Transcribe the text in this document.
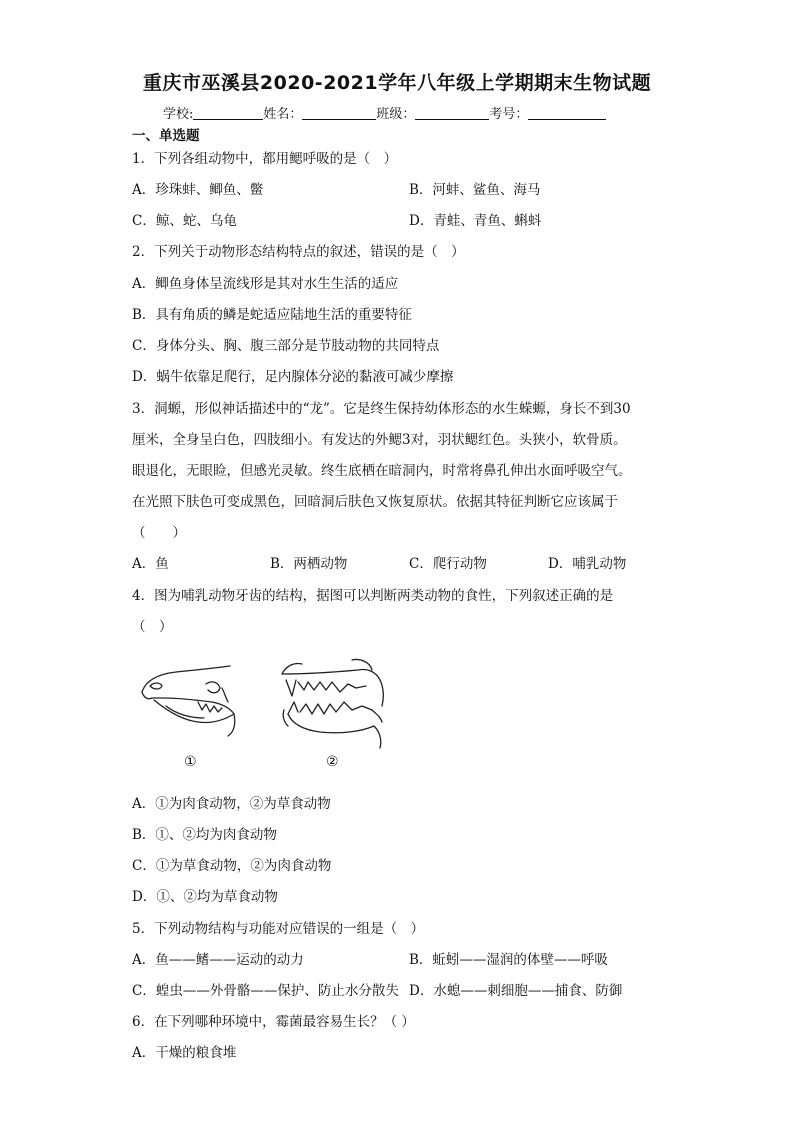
重庆市巫溪县2020-2021学年八年级上学期期末生物试题
学校:	姓名：	班级：	考号：
一、单选题
1．下列各组动物中，都用鳃呼吸的是（　）
A．珍珠蚌、鲫鱼、鳖	B．河蚌、鲨鱼、海马
C．鲸、蛇、乌龟	D．青蛙、青鱼、蝌蚪
2．下列关于动物形态结构特点的叙述，错误的是（　）
A．鲫鱼身体呈流线形是其对水生生活的适应
B．具有角质的鳞是蛇适应陆地生活的重要特征
C．身体分头、胸、腹三部分是节肢动物的共同特点
D．蜗牛依靠足爬行，足内腺体分泌的黏液可减少摩擦
3．洞螈，形似神话描述中的“龙”。它是终生保持幼体形态的水生蝾螈，身长不到30
厘米，全身呈白色，四肢细小。有发达的外鳃3对，羽状鳃红色。头狭小，软骨质。
眼退化，无眼睑，但感光灵敏。终生底栖在暗洞内，时常将鼻孔伸出水面呼吸空气。
在光照下肤色可变成黑色，回暗洞后肤色又恢复原状。依据其特征判断它应该属于
（　　）
A．鱼	B．两栖动物	C．爬行动物	D．哺乳动物
4．图为哺乳动物牙齿的结构，据图可以判断两类动物的食性，下列叙述正确的是
（　）
①	②
A．①为肉食动物，②为草食动物
B．①、②均为肉食动物
C．①为草食动物，②为肉食动物
D．①、②均为草食动物
5．下列动物结构与功能对应错误的一组是（　）
A．鱼——鳍——运动的动力	B．蚯蚓——湿润的体壁——呼吸
C．蝗虫——外骨骼——保护、防止水分散失 D．水螅——刺细胞——捕食、防御
6．在下列哪种环境中，霉菌最容易生长？（ ）
A．干燥的粮食堆
